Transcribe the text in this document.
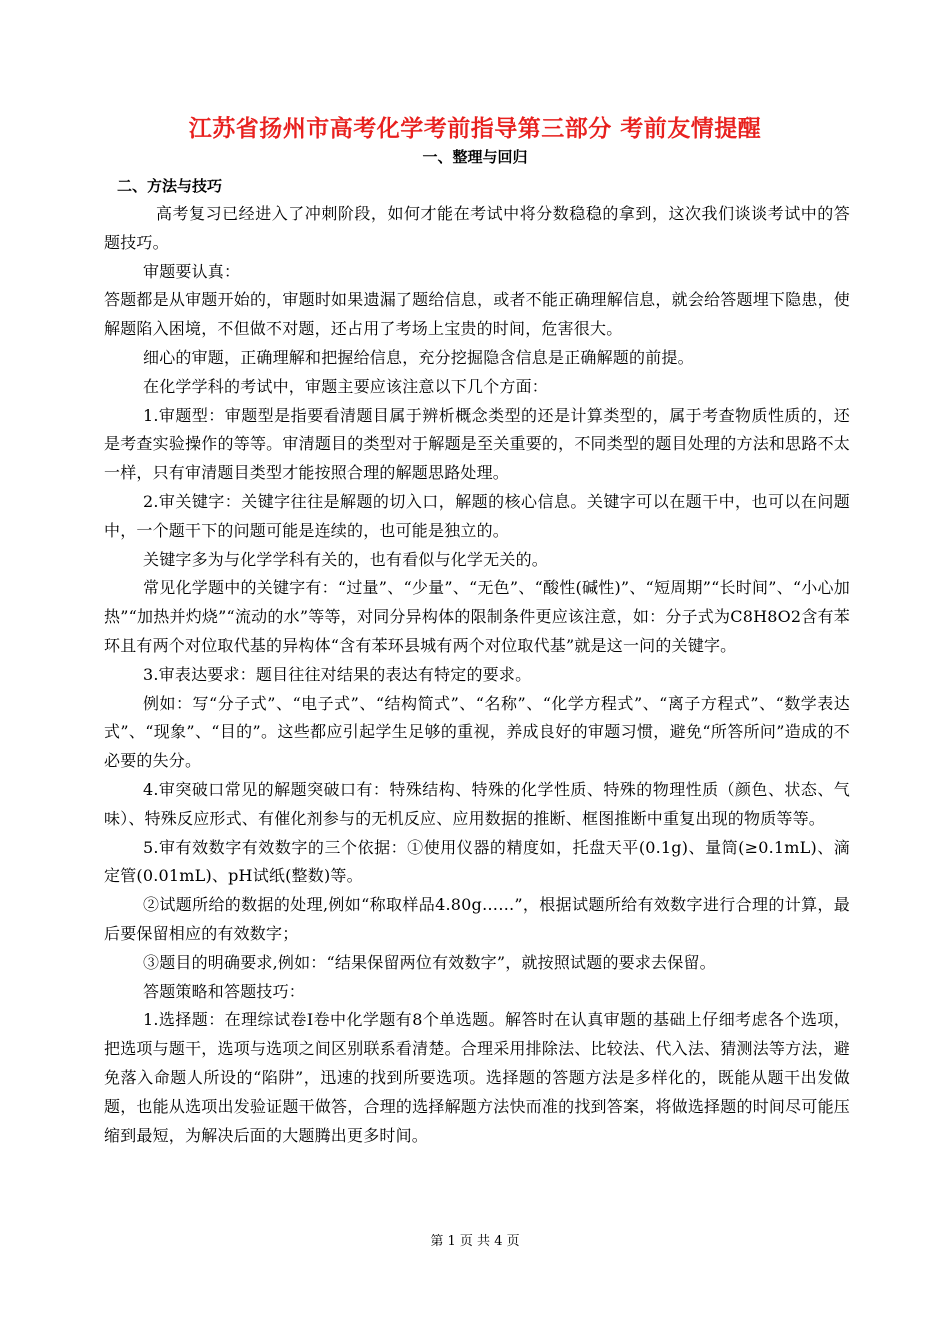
江苏省扬州市高考化学考前指导第三部分 考前友情提醒
一、整理与回归
二、方法与技巧

高考复习已经进入了冲刺阶段，如何才能在考试中将分数稳稳的拿到，这次我们谈谈考试中的答题技巧。

审题要认真：

答题都是从审题开始的，审题时如果遗漏了题给信息，或者不能正确理解信息，就会给答题埋下隐患，使解题陷入困境，不但做不对题，还占用了考场上宝贵的时间，危害很大。

细心的审题，正确理解和把握给信息，充分挖掘隐含信息是正确解题的前提。

在化学学科的考试中，审题主要应该注意以下几个方面：

1.审题型：审题型是指要看清题目属于辨析概念类型的还是计算类型的，属于考查物质性质的，还是考查实验操作的等等。审清题目的类型对于解题是至关重要的，不同类型的题目处理的方法和思路不太一样，只有审清题目类型才能按照合理的解题思路处理。

2.审关键字：关键字往往是解题的切入口，解题的核心信息。关键字可以在题干中，也可以在问题中，一个题干下的问题可能是连续的，也可能是独立的。

关键字多为与化学学科有关的，也有看似与化学无关的。

常见化学题中的关键字有：“过量”、“少量”、“无色”、“酸性(碱性)”、“短周期”“长时间”、“小心加热”“加热并灼烧”“流动的水”等等，对同分异构体的限制条件更应该注意，如：分子式为C8H8O2含有苯环且有两个对位取代基的异构体“含有苯环县城有两个对位取代基”就是这一问的关键字。

3.审表达要求：题目往往对结果的表达有特定的要求。

例如：写“分子式”、“电子式”、“结构简式”、“名称”、“化学方程式”、“离子方程式”、“数学表达式”、“现象”、“目的”。这些都应引起学生足够的重视，养成良好的审题习惯，避免“所答所问”造成的不必要的失分。

4.审突破口常见的解题突破口有：特殊结构、特殊的化学性质、特殊的物理性质（颜色、状态、气味）、特殊反应形式、有催化剂参与的无机反应、应用数据的推断、框图推断中重复出现的物质等等。

5.审有效数字有效数字的三个依据：①使用仪器的精度如，托盘天平(0.1g)、量筒(≥0.1mL)、滴定管(0.01mL)、pH试纸(整数)等。

②试题所给的数据的处理,例如“称取样品4.80g……”，根据试题所给有效数字进行合理的计算，最后要保留相应的有效数字；

③题目的明确要求,例如：“结果保留两位有效数字”，就按照试题的要求去保留。

答题策略和答题技巧：

1.选择题：在理综试卷Ⅰ卷中化学题有8个单选题。解答时在认真审题的基础上仔细考虑各个选项，把选项与题干，选项与选项之间区别联系看清楚。合理采用排除法、比较法、代入法、猜测法等方法，避免落入命题人所设的“陷阱”，迅速的找到所要选项。选择题的答题方法是多样化的，既能从题干出发做题，也能从选项出发验证题干做答，合理的选择解题方法快而准的找到答案，将做选择题的时间尽可能压缩到最短，为解决后面的大题腾出更多时间。

第 1 页 共 4 页
